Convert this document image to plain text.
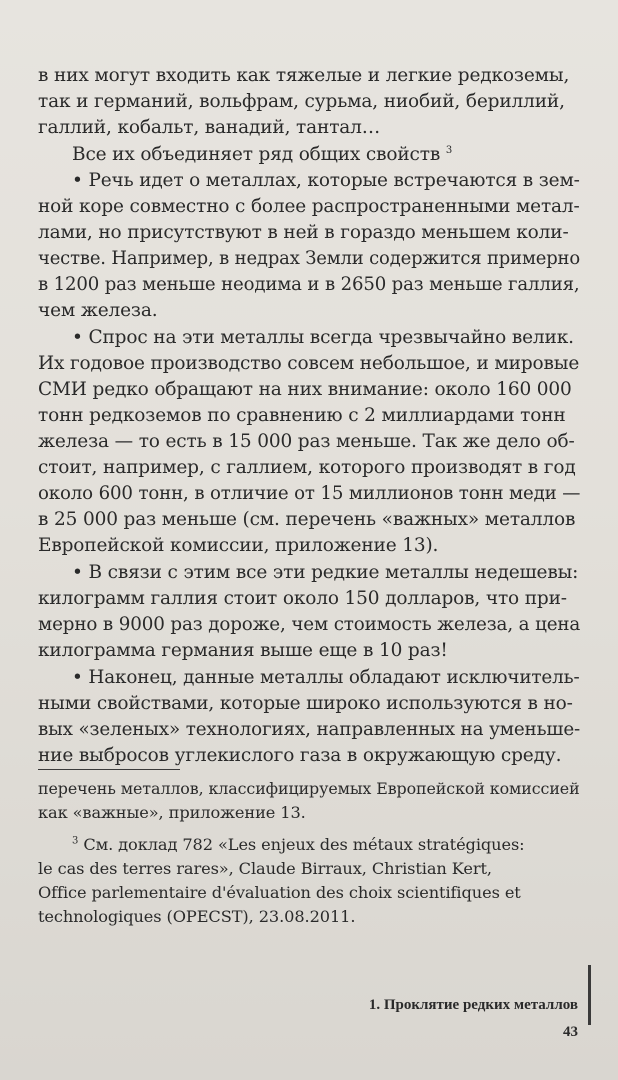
в них могут входить как тяжелые и легкие редкоземы,
так и германий, вольфрам, сурьма, ниобий, бериллий,
галлий, кобальт, ванадий, тантал…
Все их объединяет ряд общих свойств $^3$
• Речь идет о металлах, которые встречаются в зем-
ной коре совместно с более распространенными метал-
лами, но присутствуют в ней в гораздо меньшем коли-
честве. Например, в недрах Земли содержится примерно
в 1200 раз меньше неодима и в 2650 раз меньше галлия,
чем железа.
• Спрос на эти металлы всегда чрезвычайно велик.
Их годовое производство совсем небольшое, и мировые
СМИ редко обращают на них внимание: около 160 000
тонн редкоземов по сравнению с 2 миллиардами тонн
железа — то есть в 15 000 раз меньше. Так же дело об-
стоит, например, с галлием, которого производят в год
около 600 тонн, в отличие от 15 миллионов тонн меди —
в 25 000 раз меньше (см. перечень «важных» металлов
Европейской комиссии, приложение 13).
• В связи с этим все эти редкие металлы недешевы:
килограмм галлия стоит около 150 долларов, что при-
мерно в 9000 раз дороже, чем стоимость железа, а цена
килограмма германия выше еще в 10 раз!
• Наконец, данные металлы обладают исключитель-
ными свойствами, которые широко используются в но-
вых «зеленых» технологиях, направленных на уменьше-
ние выбросов углекислого газа в окружающую среду.
перечень металлов, классифицируемых Европейской комиссией
как «важные», приложение 13.
$^3$ См. доклад 782 «Les enjeux des métaux stratégiques:
le cas des terres rares», Claude Birraux, Christian Kert,
Office parlementaire d'évaluation des choix scientifiques et
technologiques (OPECST), 23.08.2011.
1. Проклятие редких металлов
43
